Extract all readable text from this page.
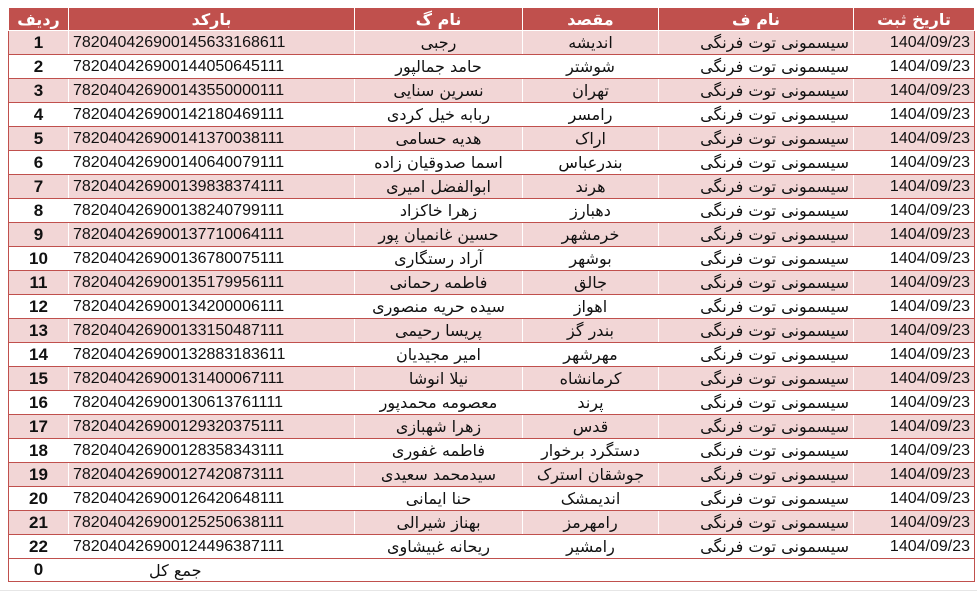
ردیف	بارکد	نام گ	مقصد	نام ف	تاریخ ثبت
1	782040426900145633168611	رجبی	اندیشه	سیسمونی توت فرنگی	1404/09/23
2	782040426900144050645111	حامد جمالپور	شوشتر	سیسمونی توت فرنگی	1404/09/23
3	782040426900143550000111	نسرین سنایی	تهران	سیسمونی توت فرنگی	1404/09/23
4	782040426900142180469111	ربابه خیل کردی	رامسر	سیسمونی توت فرنگی	1404/09/23
5	782040426900141370038111	هدیه حسامی	اراک	سیسمونی توت فرنگی	1404/09/23
6	782040426900140640079111	اسما صدوقیان زاده	بندرعباس	سیسمونی توت فرنگی	1404/09/23
7	782040426900139838374111	ابوالفضل امیری	هرند	سیسمونی توت فرنگی	1404/09/23
8	782040426900138240799111	زهرا خاکزاد	دهبارز	سیسمونی توت فرنگی	1404/09/23
9	782040426900137710064111	حسین غانمیان پور	خرمشهر	سیسمونی توت فرنگی	1404/09/23
10	782040426900136780075111	آراد رستگاری	بوشهر	سیسمونی توت فرنگی	1404/09/23
11	782040426900135179956111	فاطمه رحمانی	جالق	سیسمونی توت فرنگی	1404/09/23
12	782040426900134200006111	سیده حریه منصوری	اهواز	سیسمونی توت فرنگی	1404/09/23
13	782040426900133150487111	پریسا رحیمی	بندر گز	سیسمونی توت فرنگی	1404/09/23
14	782040426900132883183611	امیر مجیدیان	مهرشهر	سیسمونی توت فرنگی	1404/09/23
15	782040426900131400067111	نیلا انوشا	کرمانشاه	سیسمونی توت فرنگی	1404/09/23
16	782040426900130613761111	معصومه محمدپور	پرند	سیسمونی توت فرنگی	1404/09/23
17	782040426900129320375111	زهرا شهبازی	قدس	سیسمونی توت فرنگی	1404/09/23
18	782040426900128358343111	فاطمه غفوری	دستگرد برخوار	سیسمونی توت فرنگی	1404/09/23
19	782040426900127420873111	سیدمحمد سعیدی	جوشقان استرک	سیسمونی توت فرنگی	1404/09/23
20	782040426900126420648111	حنا ایمانی	اندیمشک	سیسمونی توت فرنگی	1404/09/23
21	782040426900125250638111	بهناز شیرالی	رامهرمز	سیسمونی توت فرنگی	1404/09/23
22	782040426900124496387111	ریحانه غبیشاوی	رامشیر	سیسمونی توت فرنگی	1404/09/23
0	جمع کل				
